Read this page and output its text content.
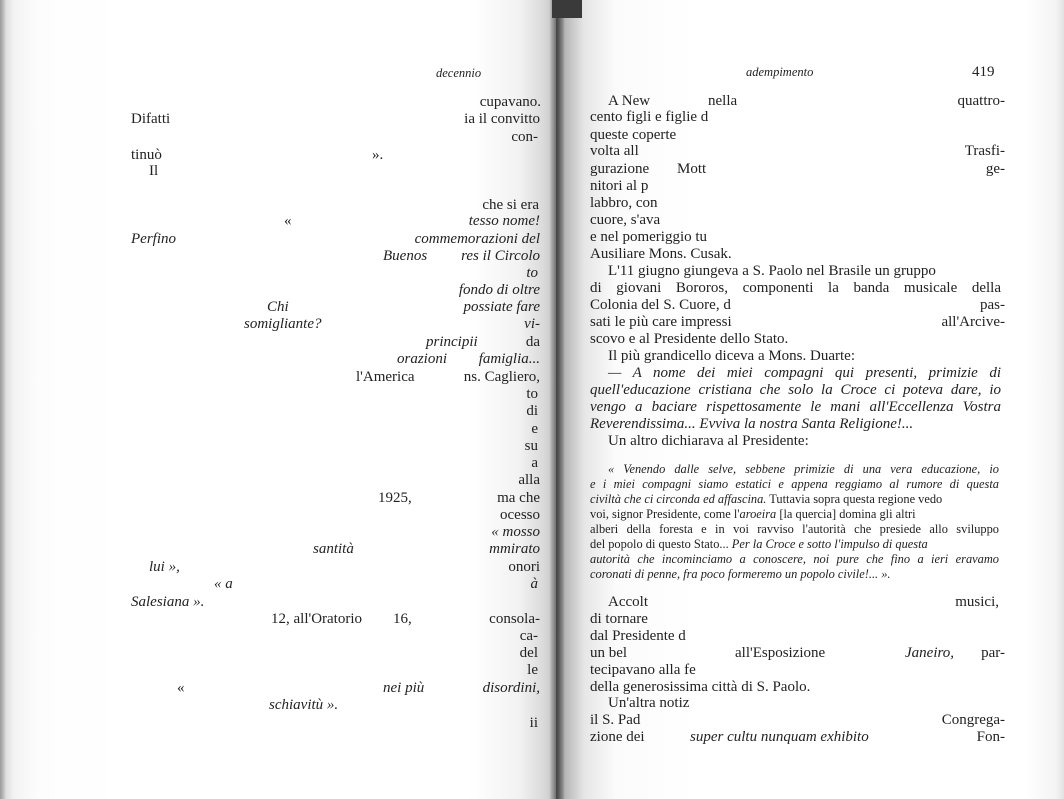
decennio
cupavano.
Difatti	ia il convitto
con-
tinuò	».
Il
che si era
«	tesso nome!
Perfino	commemorazioni del
Buenos res il Circolo
to
fondo di oltre
Chi	possiate fare
somigliante?	vi-
principii	da
orazioni famiglia...
l'America	ns. Cagliero,
to
di
e
su
a
alla
1925,	ma che
ocesso
« mosso
santità	mmirato
lui »,	onori
« a	à
Salesiana ».
12, all'Oratorio 16,	consola-
ca-
del
le
«	nei più	disordini,
schiavitù ».
ii
adempimento	419
A New	nella	quattro-
cento figli e figlie d
queste coperte
volta all	Trasfi-
gurazione Mott	ge-
nitori al p
labbro, con
cuore, s'ava
e nel pomeriggio tu
Ausiliare Mons. Cusak.
L'11 giugno giungeva a S. Paolo nel Brasile un gruppo
di giovani Bororos, componenti la banda musicale della
Colonia del S. Cuore, d	pas-
sati le più care impressi	all'Arcive-
scovo e al Presidente dello Stato.
Il più grandicello diceva a Mons. Duarte:
— A nome dei miei compagni qui presenti, primizie di
quell'educazione cristiana che solo la Croce ci poteva dare, io
vengo a baciare rispettosamente le mani all'Eccellenza Vostra
Reverendissima... Evviva la nostra Santa Religione!...
Un altro dichiarava al Presidente:
« Venendo dalle selve, sebbene primizie di una vera educazione, io
e i miei compagni siamo estatici e appena reggiamo al rumore di questa
civiltà che ci circonda ed affascina. Tuttavia sopra questa regione vedo
voi, signor Presidente, come l'aroeira [la quercia] domina gli altri
alberi della foresta e in voi ravviso l'autorità che presiede allo sviluppo
del popolo di questo Stato... Per la Croce e sotto l'impulso di questa
autorità che incominciamo a conoscere, noi pure che fino a ieri eravamo
coronati di penne, fra poco formeremo un popolo civile!... ».
Accolt	musici,
di tornare
dal Presidente d
un bel	all'Esposizione	Janeiro, par-
tecipavano alla fe
della generosissima città di S. Paolo.
Un'altra notiz
il S. Pad	Congrega-
zione dei	super cultu nunquam exhibito	Fon-
